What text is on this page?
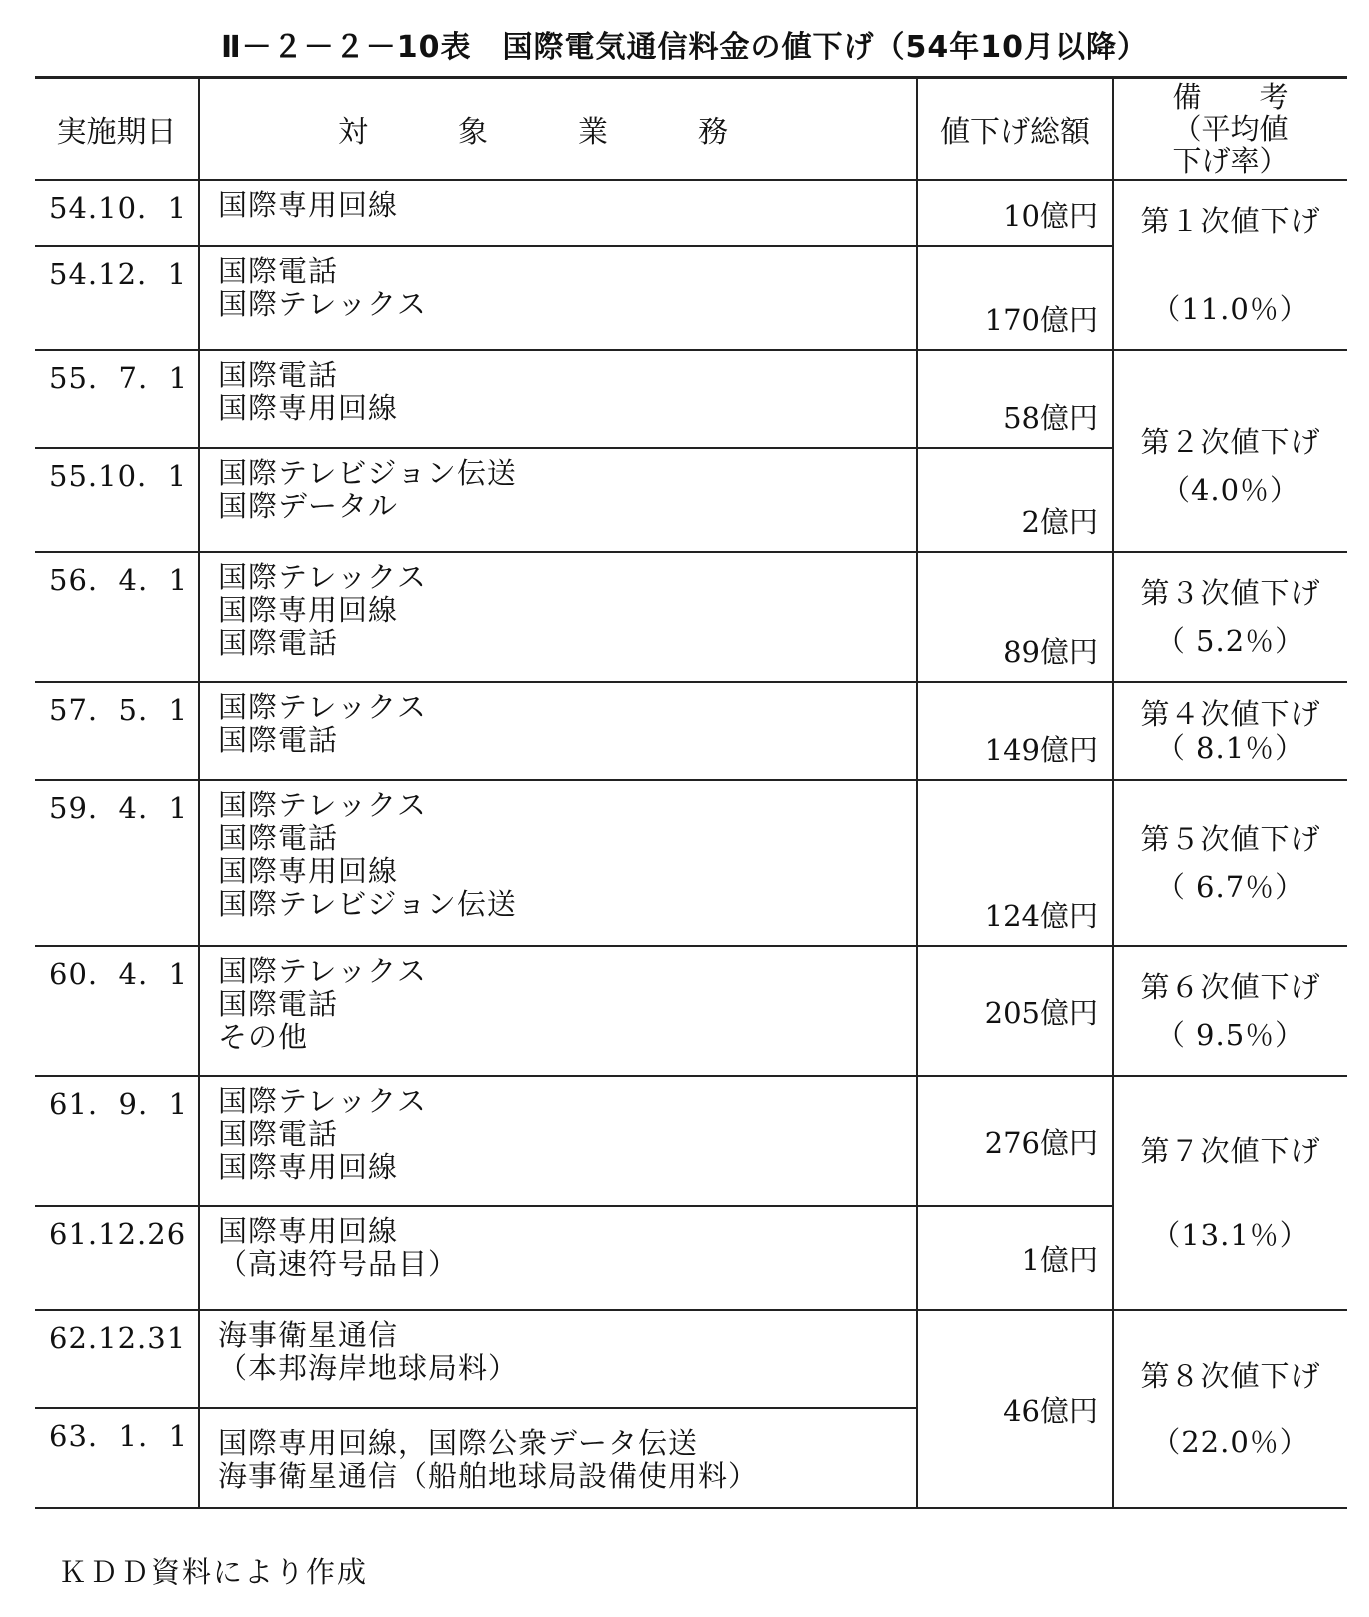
Ⅱ－２－２－10表　国際電気通信料金の値下げ（54年10月以降）
実施期日	対象業務	値下げ総額	備　　考
（平均値
下げ率）

54.10.  1	国際専用回線	10億円	第１次値下げ
（11.0％）

54.12.  1	国際電話
国際テレックス	170億円	

55.  7.  1	国際電話
国際専用回線	58億円	第２次値下げ
（4.0％）

55.10.  1	国際テレビジョン伝送
国際データル	2億円	

56.  4.  1	国際テレックス
国際専用回線
国際電話	89億円	第３次値下げ
（ 5.2％）

57.  5.  1	国際テレックス
国際電話	149億円	第４次値下げ
（ 8.1％）

59.  4.  1	国際テレックス
国際電話
国際専用回線
国際テレビジョン伝送	124億円	第５次値下げ
（ 6.7％）

60.  4.  1	国際テレックス
国際電話
その他	205億円	第６次値下げ
（ 9.5％）

61.  9.  1	国際テレックス
国際電話
国際専用回線	276億円	第７次値下げ
（13.1％）

61.12.26	国際専用回線
（高速符号品目）	1億円	

62.12.31	海事衛星通信
（本邦海岸地球局料）	46億円	第８次値下げ
（22.0％）

63.  1.  1	国際専用回線，国際公衆データ伝送
海事衛星通信（船舶地球局設備使用料）		
ＫＤＤ資料により作成
